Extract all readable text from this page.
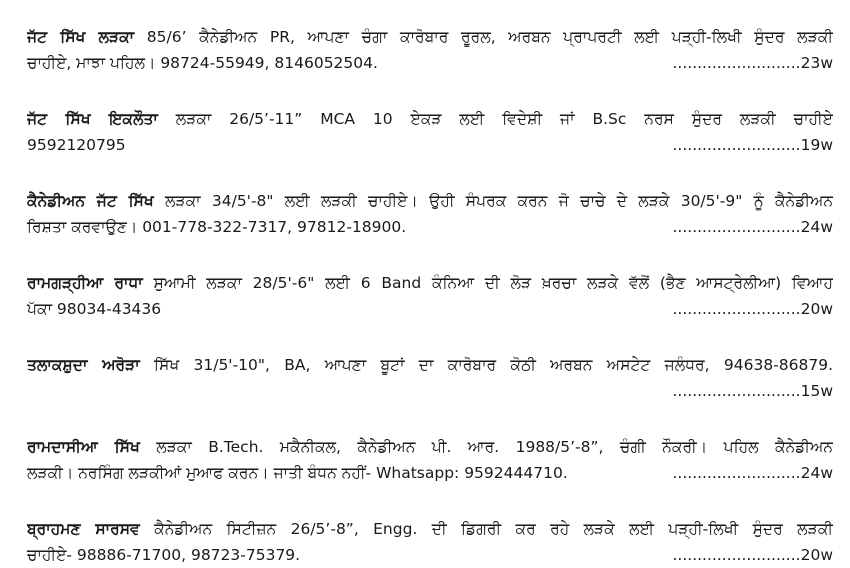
ਜੱਟ ਸਿੱਖ ਲੜਕਾ 85/6’ ਕੈਨੇਡੀਅਨ PR, ਆਪਣਾ ਚੰਗਾ ਕਾਰੋਬਾਰ ਰੂਰਲ, ਅਰਬਨ ਪ੍ਰਾਪਰਟੀ ਲਈ ਪੜ੍ਹੀ-ਲਿਖੀ ਸੁੰਦਰ ਲੜਕੀ
ਚਾਹੀਏ, ਮਾਝਾ ਪਹਿਲ। 98724-55949, 8146052504.	.......................... 23w
ਜੱਟ ਸਿੱਖ ਇਕਲੌਤਾ ਲੜਕਾ 26/5’-11” MCA 10 ਏਕੜ ਲਈ ਵਿਦੇਸ਼ੀ ਜਾਂ B.Sc ਨਰਸ ਸੁੰਦਰ ਲੜਕੀ ਚਾਹੀਏ
9592120795	.......................... 19w
ਕੈਨੇਡੀਅਨ ਜੱਟ ਸਿੱਖ ਲੜਕਾ 34/5'-8" ਲਈ ਲੜਕੀ ਚਾਹੀਏ। ਉਹੀ ਸੰਪਰਕ ਕਰਨ ਜੋ ਚਾਚੇ ਦੇ ਲੜਕੇ 30/5'-9" ਨੂੰ ਕੈਨੇਡੀਅਨ
ਰਿਸ਼ਤਾ ਕਰਵਾਉਣ। 001-778-322-7317, 97812-18900.	.......................... 24w
ਰਾਮਗੜ੍ਹੀਆ ਰਾਧਾ ਸੁਆਮੀ ਲੜਕਾ 28/5'-6" ਲਈ 6 Band ਕੰਨਿਆ ਦੀ ਲੋੜ ਖ਼ਰਚਾ ਲੜਕੇ ਵੱਲੋਂ (ਭੈਣ ਆਸਟ੍ਰੇਲੀਆ) ਵਿਆਹ
ਪੱਕਾ 98034-43436	.......................... 20w
ਤਲਾਕਸ਼ੁਦਾ ਅਰੋੜਾ ਸਿੱਖ 31/5'-10", BA, ਆਪਣਾ ਬੂਟਾਂ ਦਾ ਕਾਰੋਬਾਰ ਕੋਠੀ ਅਰਬਨ ਅਸਟੇਟ ਜਲੰਧਰ, 94638-86879.
.......................... 15w
ਰਾਮਦਾਸੀਆ ਸਿੱਖ ਲੜਕਾ B.Tech. ਮਕੈਨੀਕਲ, ਕੈਨੇਡੀਅਨ ਪੀ. ਆਰ. 1988/5’-8”, ਚੰਗੀ ਨੌਕਰੀ। ਪਹਿਲ ਕੈਨੇਡੀਅਨ
ਲੜਕੀ। ਨਰਸਿੰਗ ਲੜਕੀਆਂ ਮੁਆਫ ਕਰਨ। ਜਾਤੀ ਬੰਧਨ ਨਹੀਂ- Whatsapp: 9592444710.	.......................... 24w
ਬ੍ਰਾਹਮਣ ਸਾਰਸਵ ਕੈਨੇਡੀਅਨ ਸਿਟੀਜ਼ਨ 26/5’-8”, Engg. ਦੀ ਡਿਗਰੀ ਕਰ ਰਹੇ ਲੜਕੇ ਲਈ ਪੜ੍ਹੀ-ਲਿਖੀ ਸੁੰਦਰ ਲੜਕੀ
ਚਾਹੀਏ- 98886-71700, 98723-75379.	.......................... 20w
